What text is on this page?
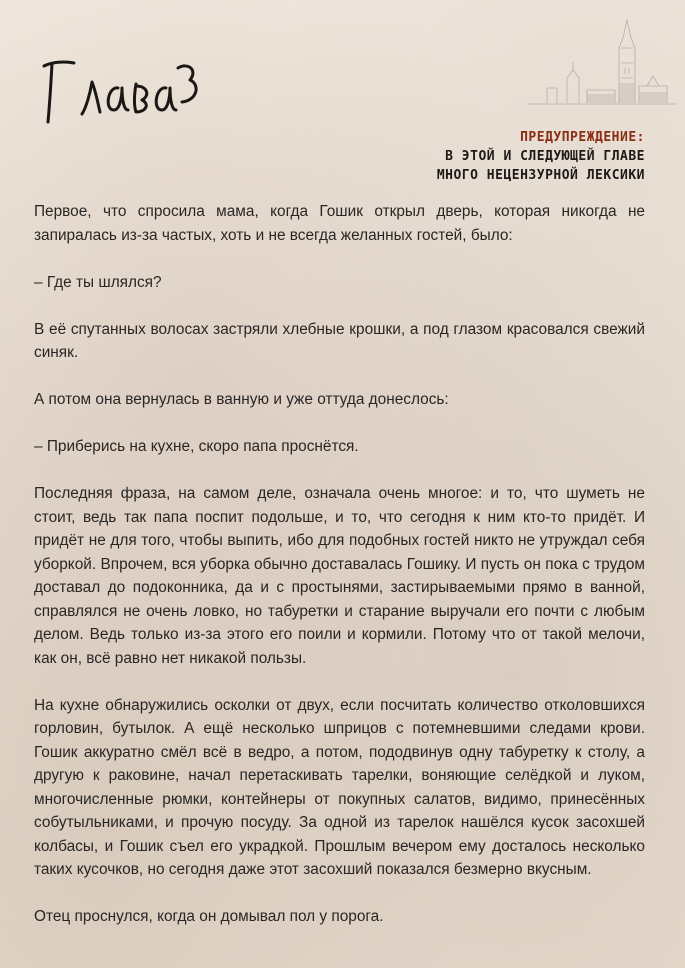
ПРЕДУПРЕЖДЕНИЕ:
В ЭТОЙ И СЛЕДУЮЩЕЙ ГЛАВЕ
МНОГО НЕЦЕНЗУРНОЙ ЛЕКСИКИ

Первое, что спросила мама, когда Гошик открыл дверь, которая никогда не запиралась из-за частых, хоть и не всегда желанных гостей, было:

– Где ты шлялся?

В её спутанных волосах застряли хлебные крошки, а под глазом красовался свежий синяк.

А потом она вернулась в ванную и уже оттуда донеслось:

– Приберись на кухне, скоро папа проснётся.

Последняя фраза, на самом деле, означала очень многое: и то, что шуметь не стоит, ведь так папа поспит подольше, и то, что сегодня к ним кто-то придёт. И придёт не для того, чтобы выпить, ибо для подобных гостей никто не утруждал себя уборкой. Впрочем, вся уборка обычно доставалась Гошику. И пусть он пока с трудом доставал до подоконника, да и с простынями, застирываемыми прямо в ванной, справлялся не очень ловко, но табуретки и старание выручали его почти с любым делом. Ведь только из-за этого его поили и кормили. Потому что от такой мелочи, как он, всё равно нет никакой пользы.

На кухне обнаружились осколки от двух, если посчитать количество отколовшихся горловин, бутылок. А ещё несколько шприцов с потемневшими следами крови. Гошик аккуратно смёл всё в ведро, а потом, пододвинув одну табуретку к столу, а другую к раковине, начал перетаскивать тарелки, воняющие селёдкой и луком, многочисленные рюмки, контейнеры от покупных салатов, видимо, принесённых собутыльниками, и прочую посуду. За одной из тарелок нашёлся кусок засохшей колбасы, и Гошик съел его украдкой. Прошлым вечером ему досталось несколько таких кусочков, но сегодня даже этот засохший показался безмерно вкусным.

Отец проснулся, когда он домывал пол у порога.
